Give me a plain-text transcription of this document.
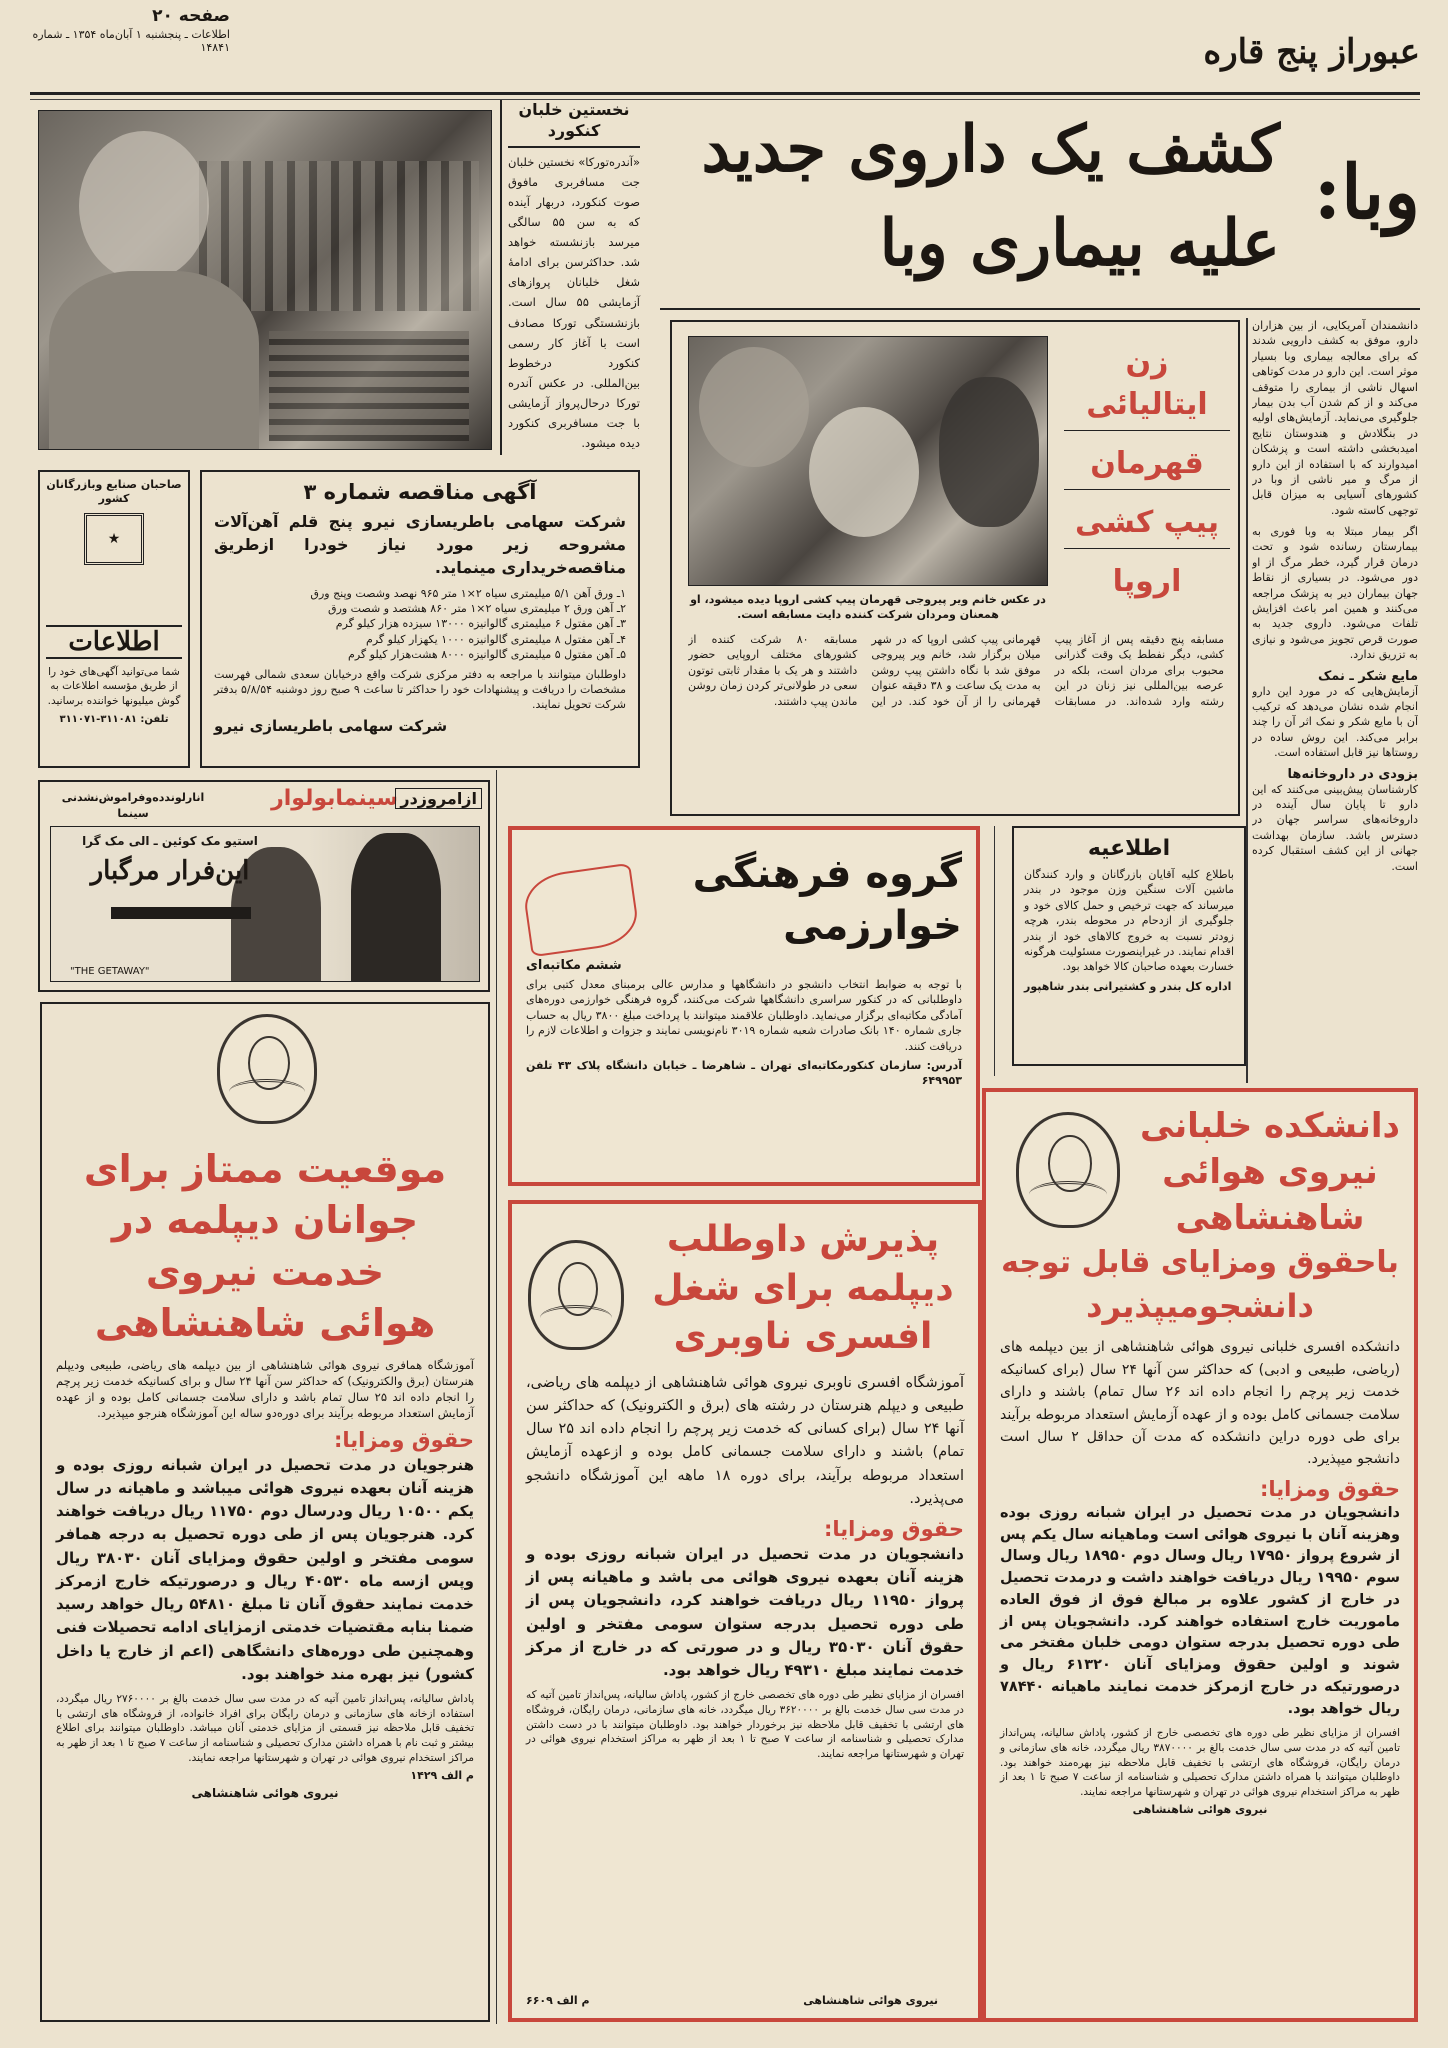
صفحه ۲۰
اطلاعات ـ پنجشنبه ۱ آبان‌ماه ۱۳۵۴ ـ شماره ۱۴۸۴۱	عبوراز پنج قاره
نخستین خلبان کنکورد
«آندره‌تورکا» نخستین خلبان جت مسافربری مافوق صوت کنکورد، دربهار آینده که به سن ۵۵ سالگی میرسد بازنشسته خواهد شد. حداکثرسن برای ادامهٔ شغل خلبانان پروازهای آزمایشی ۵۵ سال است. بازنشستگی تورکا مصادف است با آغاز کار رسمی کنکورد درخطوط بین‌المللی. در عکس آندره تورکا درحال‌پرواز آزمایشی با جت مسافربری کنکورد دیده میشود.
وبا:
کشف یک داروی جدید
علیه بیماری وبا
زن ایتالیائی
قهرمان
پیپ کشی
اروپا
در عکس خانم ویر پیروجی قهرمان پیپ کشی اروپا دیده میشود، او همعنان ومردان شرکت کننده دایت مسابقه است.
مسابقه پنج دقیقه پس از آغاز پیپ کشی، دیگر نفطط یک وقت گذرانی محبوب برای مردان است، بلکه در عرصه بین‌المللی نیز زنان در این رشته وارد شده‌اند. در مسابقات قهرمانی پیپ کشی اروپا که در شهر میلان برگزار شد، خانم ویر پیروجی موفق شد با نگاه داشتن پیپ روشن به مدت یک ساعت و ۳۸ دقیقه عنوان قهرمانی را از آن خود کند. در این مسابقه ۸۰ شرکت کننده از کشورهای مختلف اروپایی حضور داشتند و هر یک با مقدار ثابتی توتون سعی در طولانی‌تر کردن زمان روشن ماندن پیپ داشتند.
دانشمندان آمریکایی، از بین هزاران دارو، موفق به کشف دارویی شدند که برای معالجه بیماری وبا بسیار موثر است. این دارو در مدت کوتاهی اسهال ناشی از بیماری را متوقف می‌کند و از کم شدن آب بدن بیمار جلوگیری می‌نماید. آزمایش‌های اولیه در بنگلادش و هندوستان نتایج امیدبخشی داشته است و پزشکان امیدوارند که با استفاده از این دارو از مرگ و میر ناشی از وبا در کشورهای آسیایی به میزان قابل توجهی کاسته شود.
اگر بیمار مبتلا به وبا فوری به بیمارستان رسانده شود و تحت درمان قرار گیرد، خطر مرگ از او دور می‌شود. در بسیاری از نقاط جهان بیماران دیر به پزشک مراجعه می‌کنند و همین امر باعث افزایش تلفات می‌شود. داروی جدید به صورت قرص تجویز می‌شود و نیازی به تزریق ندارد.
مایع شکر ـ نمک
آزمایش‌هایی که در مورد این دارو انجام شده نشان می‌دهد که ترکیب آن با مایع شکر و نمک اثر آن را چند برابر می‌کند. این روش ساده در روستاها نیز قابل استفاده است.
بزودی در داروخانه‌ها
کارشناسان پیش‌بینی می‌کنند که این دارو تا پایان سال آینده در داروخانه‌های سراسر جهان در دسترس باشد. سازمان بهداشت جهانی از این کشف استقبال کرده است.
آگهی مناقصه شماره ۳
شرکت سهامی باطریسازی نیرو پنج قلم آهن‌آلات مشروحه زیر مورد نیاز خودرا ازطریق مناقصه‌خریداری مینماید.
۱ـ ورق آهن ۵/۱ میلیمتری سیاه ۲×۱ متر ۹۶۵ نهصد وشصت وپنج ورق
۲ـ آهن ورق ۲ میلیمتری سیاه ۲×۱ متر ۸۶۰ هشتصد و شصت ورق
۳ـ آهن مفتول ۶ میلیمتری گالوانیزه ۱۳۰۰۰ سیزده هزار کیلو گرم
۴ـ آهن مفتول ۸ میلیمتری گالوانیزه ۱۰۰۰ یکهزار کیلو گرم
۵ـ آهن مفتول ۵ میلیمتری گالوانیزه ۸۰۰۰ هشت‌هزار کیلو گرم
داوطلبان میتوانند با مراجعه به دفتر مرکزی شرکت واقع درخیابان سعدی شمالی فهرست مشخصات را دریافت و پیشنهادات خود را حداکثر تا ساعت ۹ صبح روز دوشنبه ۵/۸/۵۴ بدفتر شرکت تحویل نمایند.
شرکت سهامی باطریسازی نیرو
صاحبان صنایع وبازرگانان کشور
★
اطلاعات
شما می‌توانید آگهی‌های خود را از طریق مؤسسه اطلاعات به گوش میلیونها خواننده برسانید.
تلفن: ۳۱۱۰۸۱-۳۱۱۰۷۱
سینمابولوار ازامروزدر
انارلوند‌ده‌وفراموش‌نشدنی سینما
استیو مک کوئین ـ الی مک گرا
این‌فرار مرگبار
"THE GETAWAY"
گروه فرهنگی
خوارزمی
ششم مکاتبه‌ای
با توجه به ضوابط انتخاب دانشجو در دانشگاهها و مدارس عالی برمبنای معدل کتبی برای داوطلبانی که در کنکور سراسری دانشگاهها شرکت می‌کنند، گروه فرهنگی خوارزمی دوره‌های آمادگی مکاتبه‌ای برگزار می‌نماید. داوطلبان علاقمند میتوانند با پرداخت مبلغ ۳۸۰۰ ریال به حساب جاری شماره ۱۴۰ بانک صادرات شعبه‌ شماره ۳۰۱۹ نام‌نویسی نمایند و جزوات و اطلاعات لازم را دریافت کنند.
آدرس: سازمان کنکورمکاتبه‌ای تهران ـ شاهرضا ـ خیابان دانشگاه پلاک ۴۳ تلفن ۶۴۹۹۵۳
اطلاعیه
باطلاع کلیه آقایان بازرگانان و وارد کنندگان ماشین آلات سنگین وزن موجود در بندر میرساند که جهت ترخیص و حمل کالای خود و جلوگیری از ازدحام در محوطه بندر، هرچه زودتر نسبت به خروج کالاهای خود از بندر اقدام نمایند. در غیراینصورت مسئولیت هرگونه خسارت بعهده صاحبان کالا خواهد بود.
اداره کل بندر و کشتیرانی بندر شاهپور
موقعیت ممتاز برای
جوانان دیپلمه در
خدمت نیروی
هوائی شاهنشاهی
آموزشگاه همافری نیروی هوائی شاهنشاهی از بین دیپلمه های ریاضی، طبیعی ودیپلم هنرستان (برق والکترونیک) که حداکثر سن آنها ۲۴ سال و برای کسانیکه خدمت زیر پرچم را انجام داده اند ۲۵ سال تمام باشد و دارای سلامت جسمانی کامل بوده و از عهده آزمایش استعداد مربوطه برآیند برای دوره‌دو ساله این آموزشگاه هنرجو میپذیرد.
حقوق ومزایا:
هنرجویان در مدت تحصیل در ایران شبانه روزی بوده و هزینه آنان بعهده نیروی هوائی میباشد و ماهیانه در سال یکم ۱۰۵۰۰ ریال ودرسال دوم ۱۱۷۵۰ ریال دریافت خواهند کرد. هنرجویان پس از طی دوره تحصیل به درجه همافر سومی مفتخر و اولین حقوق ومزایای آنان ۳۸۰۳۰ ریال وپس ازسه ماه ۴۰۵۳۰ ریال و درصورتیکه خارج ازمرکز خدمت نمایند حقوق آنان تا مبلغ ۵۴۸۱۰ ریال خواهد رسید ضمنا بنابه مقتضیات خدمتی ازمزایای ادامه تحصیلات فنی وهمچنین طی دوره‌های دانشگاهی (اعم از خارج یا داخل کشور) نیز بهره مند خواهند بود.
پاداش سالیانه، پس‌انداز تامین آتیه که در مدت سی سال خدمت بالغ بر ۲۷۶۰۰۰۰ ریال میگردد، استفاده ازخانه های سازمانی و درمان رایگان برای افراد خانواده، از فروشگاه های ارتشی با تخفیف قابل ملاحظه نیز قسمتی از مزایای خدمتی آنان میباشد. داوطلبان میتوانند برای اطلاع بیشتر و ثبت نام با همراه داشتن مدارک تحصیلی و شناسنامه از ساعت ۷ صبح تا ۱ بعد از ظهر به مراکز استخدام نیروی هوائی در تهران و شهرستانها مراجعه نمایند.
م الف ۱۴۲۹
نیروی هوائی شاهنشاهی
پذیرش داوطلب
دیپلمه برای شغل
افسری ناوبری
آموزشگاه افسری ناوبری نیروی هوائی شاهنشاهی از دیپلمه های ریاضی، طبیعی و دیپلم هنرستان در رشته های (برق و الکترونیک) که حداکثر سن آنها ۲۴ سال (برای کسانی که خدمت زیر پرچم را انجام داده اند ۲۵ سال تمام) باشند و دارای سلامت جسمانی کامل بوده و ازعهده آزمایش استعداد مربوطه برآیند، برای دوره ۱۸ ماهه این آموزشگاه دانشجو می‌پذیرد.
حقوق ومزایا:
دانشجویان در مدت تحصیل در ایران شبانه روزی بوده و هزینه آنان بعهده نیروی هوائی می باشد و ماهیانه پس از پرواز ۱۱۹۵۰ ریال دریافت خواهند کرد، دانشجویان پس از طی دوره تحصیل بدرجه ستوان سومی مفتخر و اولین حقوق آنان ۳۵۰۳۰ ریال و در صورتی که در خارج از مرکز خدمت نمایند مبلغ ۴۹۳۱۰ ریال خواهد بود.
افسران از مزایای نظیر طی دوره های تخصصی خارج از کشور، پاداش سالیانه، پس‌انداز تامین آتیه که در مدت سی سال خدمت بالغ بر ۳۶۲۰۰۰۰ ریال میگردد، خانه های سازمانی، درمان رایگان، فروشگاه های ارتشی با تخفیف قابل ملاحظه نیز برخوردار خواهند بود. داوطلبان میتوانند با در دست داشتن مدارک تحصیلی و شناسنامه از ساعت ۷ صبح تا ۱ بعد از ظهر به مراکز استخدام نیروی هوائی در تهران و شهرستانها مراجعه نمایند.
م الف ۶۶۰۹	نیروی هوائی شاهنشاهی
دانشکده خلبانی
نیروی هوائی
شاهنشاهی
باحقوق ومزایای قابل توجه
دانشجومیپذیرد
دانشکده افسری خلبانی نیروی هوائی شاهنشاهی از بین دیپلمه های (ریاضی، طبیعی و ادبی) که حداکثر سن آنها ۲۴ سال (برای کسانیکه خدمت زیر پرچم را انجام داده اند ۲۶ سال تمام) باشند و دارای سلامت جسمانی کامل بوده و از عهده آزمایش استعداد مربوطه برآیند برای طی دوره دراین دانشکده که مدت آن حداقل ۲ سال است دانشجو میپذیرد.
حقوق ومزایا:
دانشجویان در مدت تحصیل در ایران شبانه روزی بوده وهزینه آنان با نیروی هوائی است وماهیانه سال یکم پس از شروع پرواز ۱۷۹۵۰ ریال وسال دوم ۱۸۹۵۰ ریال وسال سوم ۱۹۹۵۰ ریال دریافت خواهند داشت و درمدت تحصیل در خارج از کشور علاوه بر مبالغ فوق از فوق العاده ماموریت خارج استفاده خواهند کرد. دانشجویان پس از طی دوره تحصیل بدرجه ستوان دومی خلبان مفتخر می شوند و اولین حقوق ومزایای آنان ۶۱۳۲۰ ریال و درصورتیکه در خارج ازمرکز خدمت نمایند ماهیانه ۷۸۴۴۰ ریال خواهد بود.
افسران از مزایای نظیر طی دوره های تخصصی خارج از کشور، پاداش سالیانه، پس‌انداز تامین آتیه که در مدت سی سال خدمت بالغ بر ۳۸۷۰۰۰۰ ریال میگردد، خانه های سازمانی و درمان رایگان، فروشگاه های ارتشی با تخفیف قابل ملاحظه نیز بهره‌مند خواهند بود. داوطلبان میتوانند با همراه داشتن مدارک تحصیلی و شناسنامه از ساعت ۷ صبح تا ۱ بعد از ظهر به مراکز استخدام نیروی هوائی در تهران و شهرستانها مراجعه نمایند.
نیروی هوائی شاهنشاهی
